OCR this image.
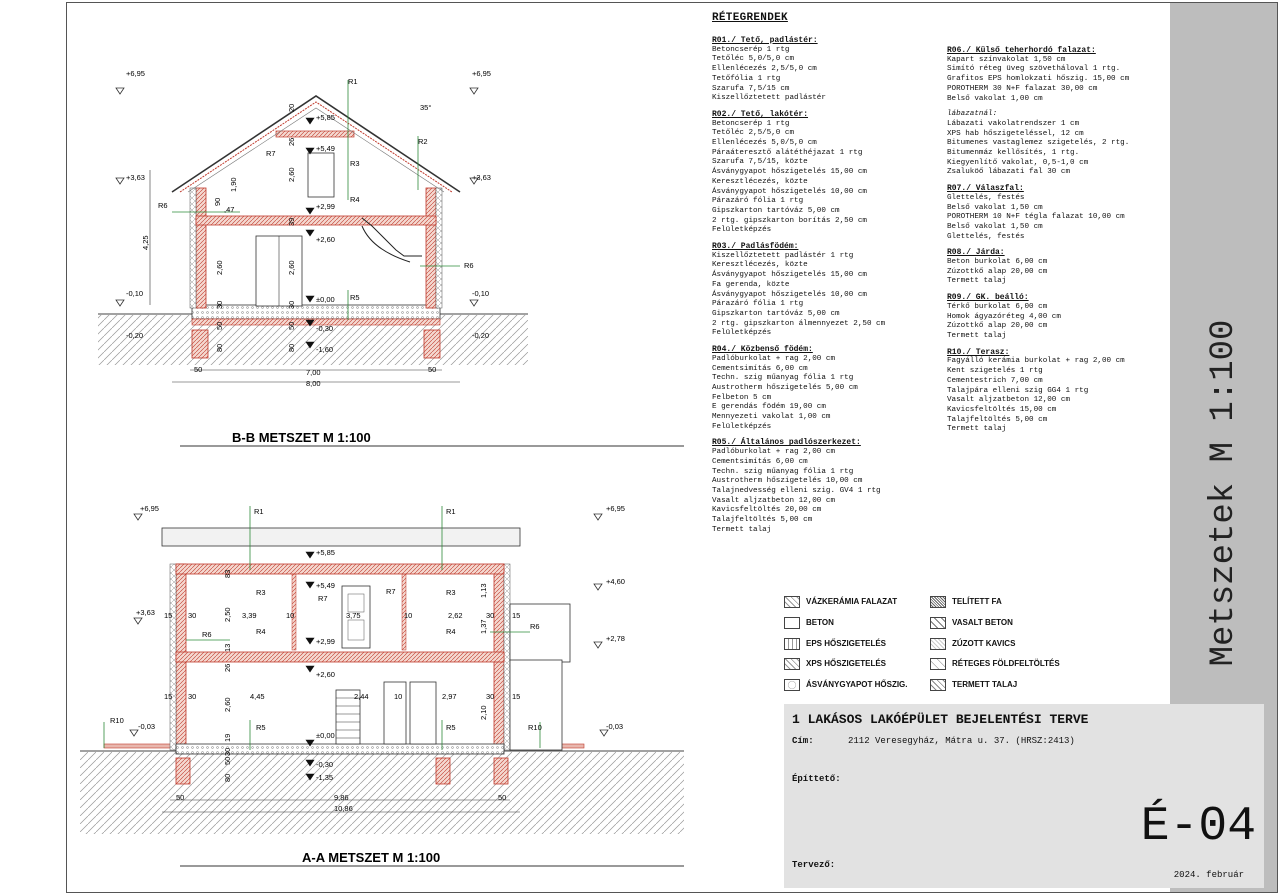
R1
R2
R3
R4
R5
R6
R6
R7
+6,95	+6,95
+5,85
+5,49
+3,63	+3,63
+2,99
+2,60
±0,00
-0,10	-0,10
-0,20	-0,20
-0,30
-1,60
35°
4,25
2,60	2,60
2,60
1,90
90
,47
30	30
50	50
80	80
39
26
20
50	7,00	50
8,00
B-B METSZET M 1:100
R1	R1
R3	R3
R4	R4
R5	R5
R6
R6
R7
R7
R10
R10
+6,95	+6,95
+5,85
+5,49
+3,63
+4,60
+2,99	+2,78
+2,60
±0,00
-0,03	-0,03
-0,30
-1,35
15 30	3,39	10	3,75	10	2,62	30 15
15 30	4,45	2,44	10	2,97	30 15
2,50
2,60
1,13
1,37
2,10
83
13
26
19
80
50
30
50	9,86	50
10,86
A-A METSZET M 1:100
RÉTEGRENDEK
R01./ Tető, padlástér:
Betoncserép 1 rtg
Tetőléc 5,0/5,0 cm
Ellenlécezés 2,5/5,0 cm
Tetőfólia 1 rtg
Szarufa 7,5/15 cm
Kiszellőztetett padlástér
R02./ Tető, lakótér:
Betoncserép 1 rtg
Tetőléc 2,5/5,0 cm
Ellenlécezés 5,0/5,0 cm
Páraáteresztő alátéthéjazat 1 rtg
Szarufa 7,5/15, közte
Ásványgyapot hőszigetelés 15,00 cm
Keresztlécezés, közte
Ásványgyapot hőszigetelés 10,00 cm
Párazáró fólia 1 rtg
Gipszkarton tartóváz 5,00 cm
2 rtg. gipszkarton borítás 2,50 cm
Felületképzés
R03./ Padlásfödém:
Kiszellőztetett padlástér 1 rtg
Keresztlécezés, közte
Ásványgyapot hőszigetelés 15,00 cm
Fa gerenda, közte
Ásványgyapot hőszigetelés 10,00 cm
Párazáró fólia 1 rtg
Gipszkarton tartóváz 5,00 cm
2 rtg. gipszkarton álmennyezet 2,50 cm
Felületképzés
R04./ Közbenső födém:
Padlóburkolat + rag 2,00 cm
Cementsimítás 6,00 cm
Techn. szig műanyag fólia 1 rtg
Austrotherm hőszigetelés 5,00 cm
Felbeton 5 cm
E gerendás födém 19,00 cm
Mennyezeti vakolat 1,00 cm
Felületképzés
R05./ Általános padlószerkezet:
Padlóburkolat + rag 2,00 cm
Cementsimítás 6,00 cm
Techn. szig műanyag fólia 1 rtg
Austrotherm hőszigetelés 10,00 cm
Talajnedvesség elleni szig. GV4 1 rtg
Vasalt aljzatbeton 12,00 cm
Kavicsfeltöltés 20,00 cm
Talajfeltöltés 5,00 cm
Termett talaj
R06./ Külső teherhordó falazat:
Kapart színvakolat 1,50 cm
Simító réteg üveg szövetháloval 1 rtg.
Grafitos EPS homlokzati hőszig. 15,00 cm
POROTHERM 30 N+F falazat 30,00 cm
Belső vakolat 1,00 cm
lábazatnál:
Lábazati vakolatrendszer 1 cm
XPS hab hőszigeteléssel, 12 cm
Bitumenes vastaglemez szigetelés, 2 rtg.
Bitumenmáz kellősítés, 1 rtg.
Kiegyenlítő vakolat, 0,5-1,0 cm
Zsaluköő lábazati fal 30 cm
R07./ Válaszfal:
Glettelés, festés
Belső vakolat 1,50 cm
POROTHERM 10 N+F tégla falazat 10,00 cm
Belső vakolat 1,50 cm
Glettelés, festés
R08./ Járda:
Beton burkolat 6,00 cm
Zúzottkő alap 20,00 cm
Termett talaj
R09./ GK. beálló:
Térkő burkolat 6,00 cm
Homok ágyazóréteg 4,00 cm
Zúzottkő alap 20,00 cm
Termett talaj
R10./ Terasz:
Fagyálló kerámia burkolat + rag 2,00 cm
Kent szigetelés 1 rtg
Cementestrich 7,00 cm
Talajpára elleni szig GG4 1 rtg
Vasalt aljzatbeton 12,00 cm
Kavicsfeltöltés 15,00 cm
Talajfeltöltés 5,00 cm
Termett talaj
VÁZKERÁMIA FALAZAT
BETON
EPS HŐSZIGETELÉS
XPS HŐSZIGETELÉS
ÁSVÁNYGYAPOT HŐSZIG.
TELÍTETT FA
VASALT BETON
ZÚZOTT KAVICS
RÉTEGES FÖLDFELTÖLTÉS
TERMETT TALAJ
Metszetek M 1:100
1 LAKÁSOS LAKÓÉPÜLET BEJELENTÉSI TERVE
Cím:	2112 Veresegyház, Mátra u. 37. (HRSZ:2413)
Építtető:
É-04
Tervező:
2024. február
